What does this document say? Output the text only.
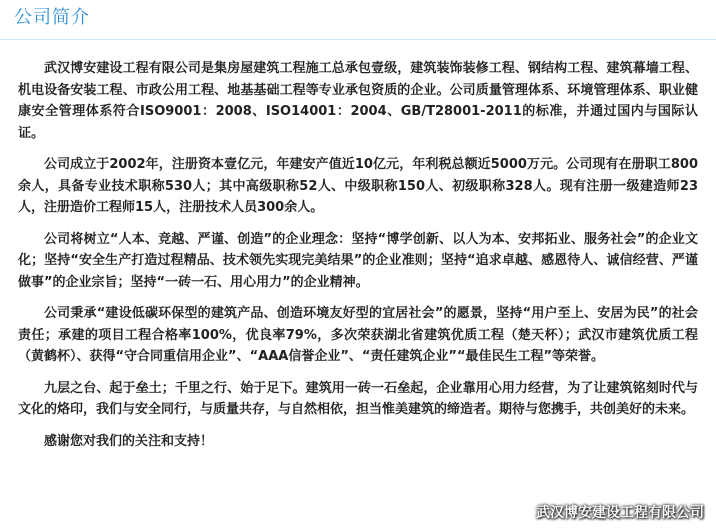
公司简介

武汉博安建设工程有限公司是集房屋建筑工程施工总承包壹级，建筑装饰装修工程、钢结构工程、建筑幕墙工程、机电设备安装工程、市政公用工程、地基基础工程等专业承包资质的企业。公司质量管理体系、环境管理体系、职业健康安全管理体系符合ISO9001：2008、ISO14001：2004、GB/T28001-2011的标准，并通过国内与国际认证。

公司成立于2002年，注册资本壹亿元，年建安产值近10亿元，年利税总额近5000万元。公司现有在册职工800余人，具备专业技术职称530人；其中高级职称52人、中级职称150人、初级职称328人。现有注册一级建造师23人，注册造价工程师15人，注册技术人员300余人。

公司将树立“人本、竞越、严谨、创造”的企业理念：坚持“博学创新、以人为本、安邦拓业、服务社会”的企业文化；坚持“安全生产打造过程精品、技术领先实现完美结果”的企业准则；坚持“追求卓越、感恩待人、诚信经营、严谨做事”的企业宗旨；坚持“一砖一石、用心用力”的企业精神。

公司秉承“建设低碳环保型的建筑产品、创造环境友好型的宜居社会”的愿景，坚持“用户至上、安居为民”的社会责任；承建的项目工程合格率100%，优良率79%，多次荣获湖北省建筑优质工程（楚天杯）；武汉市建筑优质工程（黄鹤杯）、获得“守合同重信用企业”、“AAA信誉企业”、“责任建筑企业”“最佳民生工程”等荣誉。

九层之台、起于垒土；千里之行、始于足下。建筑用一砖一石垒起，企业靠用心用力经营，为了让建筑铭刻时代与文化的烙印，我们与安全同行，与质量共存，与自然相依，担当惟美建筑的缔造者。期待与您携手，共创美好的未来。

感谢您对我们的关注和支持！

武汉博安建设工程有限公司
